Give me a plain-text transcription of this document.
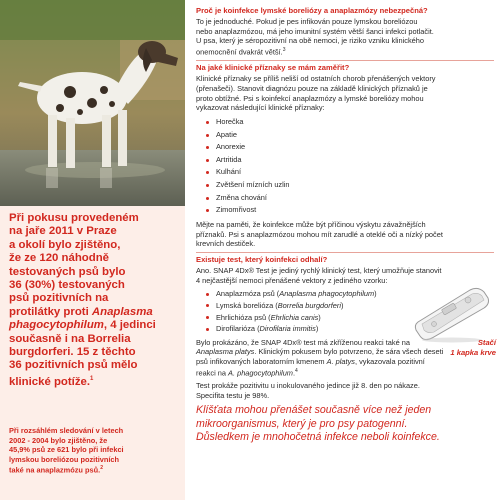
Při pokusu provedeném
na jaře 2011 v Praze
a okolí bylo zjištěno,
že ze 120 náhodně
testovaných psů bylo
36 (30%) testovaných
psů pozitivních na
protilátky proti Anaplasma
phagocytophilum, 4 jedinci
současně i na Borrelia
burgdorferi. 15 z těchto
36 pozitivních psů mělo
klinické potíže.$^1$
Při rozsáhlém sledování v letech
2002 - 2004 bylo zjištěno, že
45,9% psů ze 621 bylo při infekci
lymskou boreliózou pozitivních
také na anaplazmózu psů.$^2$
Proč je koinfekce lymské boreliózy a anaplazmózy nebezpečná?
To je jednoduché. Pokud je pes infikován pouze lymskou boreliózou
nebo anaplazmózou, má jeho imunitní systém větší šanci infekci potlačit.
U psa, který je séropozitivní na obě nemoci, je riziko vzniku klinického
onemocnění dvakrát větší.$^3$
Na jaké klinické příznaky se mám zaměřit?
Klinické příznaky se příliš neliší od ostatních chorob přenášených vektory
(přenašeči). Stanovit diagnózu pouze na základě klinických příznaků je
proto obtížné. Psi s koinfekcí anaplazmózy a lymské boreliózy mohou
vykazovat následující klinické příznaky:
Horečka
Apatie
Anorexie
Artritida
Kulhání
Zvětšení mízních uzlin
Změna chování
Zimomřivost
Mějte na paměti, že koinfekce může být příčinou výskytu závažnějších
příznaků. Psi s anaplazmózou mohou mít zarudlé a oteklé oči a nízký počet
krevních destiček.
Existuje test, který koinfekci odhalí?
Ano. SNAP 4Dx® Test je jediný rychlý klinický test, který umožňuje stanovit
4 nejčastější nemoci přenášené vektory z jediného vzorku:
Anaplazmóza psů (Anaplasma phagocytophilum)
Lymská borelióza (Borrelia burgdorferi)
Ehrlichióza psů (Ehrlichia canis)
Dirofilarióza (Dirofilaria immitis)
Stačí
1 kapka krve
Bylo prokázáno, že SNAP 4Dx® test má zkříženou reakci také na
Anaplasma platys. Klinickým pokusem bylo potvrzeno, že sára všech deseti
psů infikovaných laboratorním kmenem A. platys, vykazovala pozitivní
reakci na A. phagocytophilum.$^4$
Test prokáže pozitivitu u inokulovaného jedince již 8. den po nákaze.
Specifita testu je 98%.
Klíšťata mohou přenášet současně více než jeden
mikroorganismus, který je pro psy patogenní.
Důsledkem je mnohočetná infekce neboli koinfekce.
